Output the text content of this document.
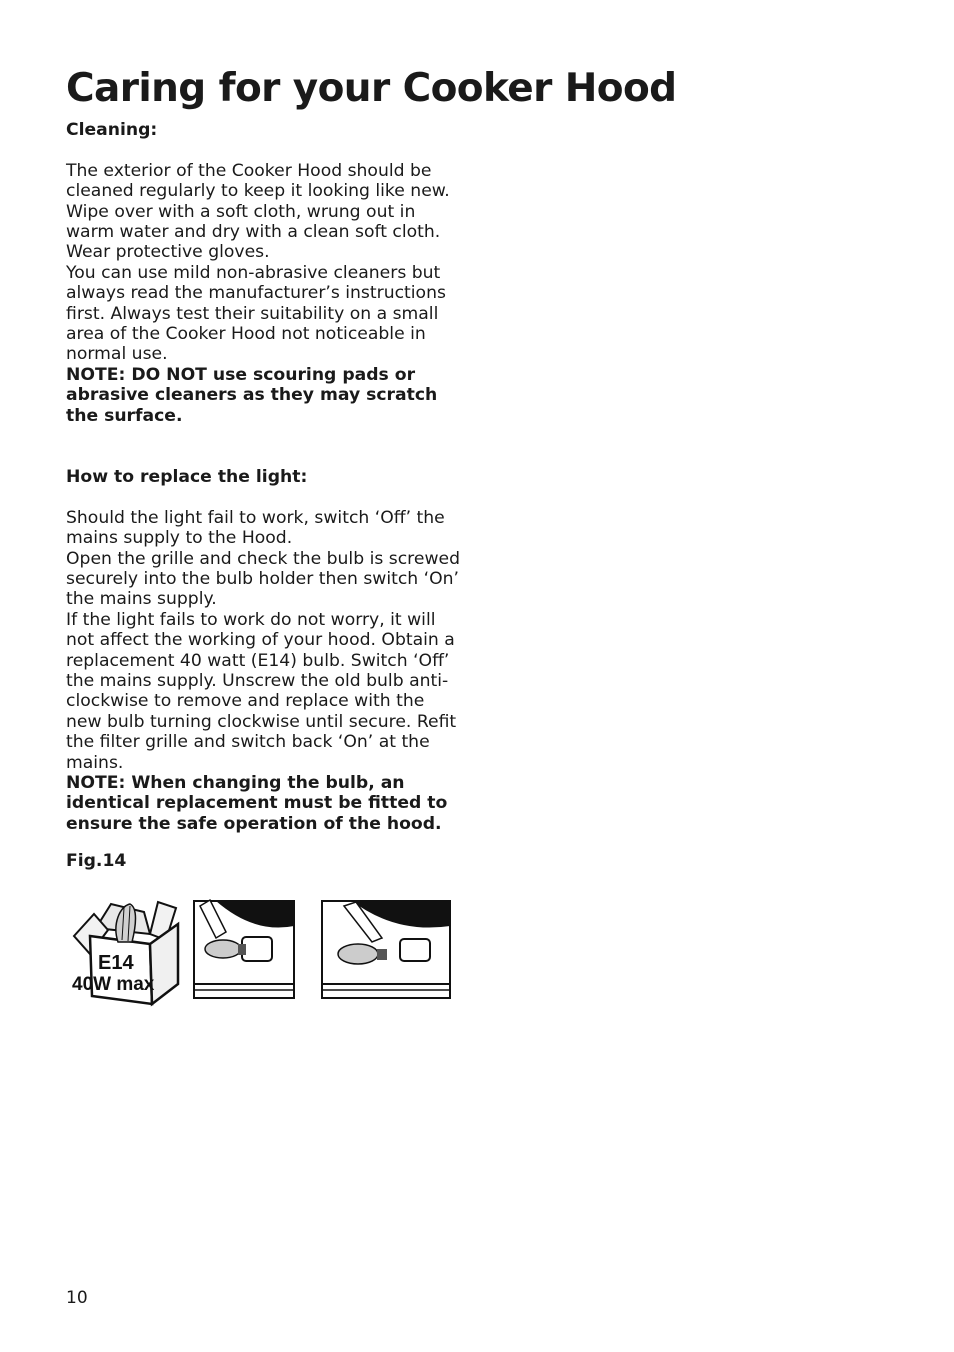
Caring for your Cooker Hood

Cleaning:

The exterior of the Cooker Hood should be cleaned regularly to keep it looking like new. Wipe over with a soft cloth, wrung out in warm water and dry with a clean soft cloth. Wear protective gloves.

You can use mild non-abrasive cleaners but always read the manufacturer’s instructions first. Always test their suitability on a small area of the Cooker Hood not noticeable in normal use.

NOTE: DO NOT use scouring pads or abrasive cleaners as they may scratch the surface.

How to replace the light:

Should the light fail to work, switch ‘Off’ the mains supply to the Hood.

Open the grille and check the bulb is screwed securely into the bulb holder then switch ‘On’ the mains supply.

If the light fails to work do not worry, it will not affect the working of your hood. Obtain a replacement 40 watt (E14) bulb. Switch ‘Off’ the mains supply. Unscrew the old bulb anti-clockwise to remove and replace with the new bulb turning clockwise until secure. Refit the filter grille and switch back ‘On’ at the mains.

NOTE: When changing the bulb, an identical replacement must be fitted to ensure the safe operation of the hood.

Fig.14

E14
40W max

10
